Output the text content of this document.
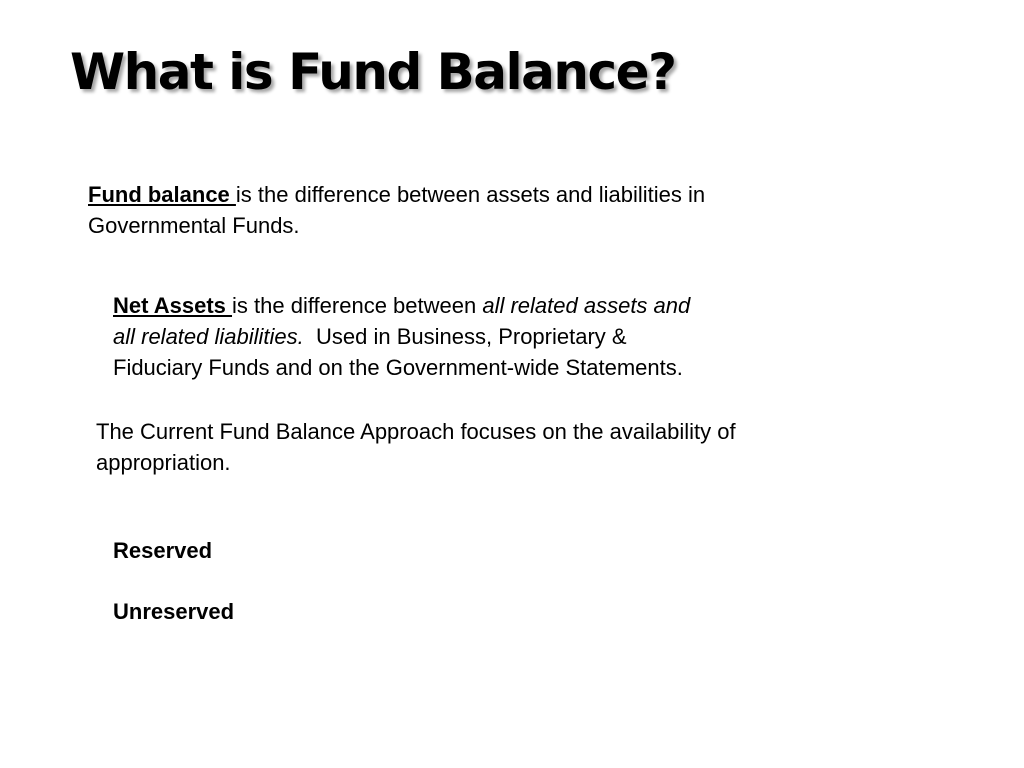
What is Fund Balance?
Fund balance is the difference between assets and liabilities in
Governmental Funds.
Net Assets is the difference between all related assets and
all related liabilities.  Used in Business, Proprietary &
Fiduciary Funds and on the Government-wide Statements.
The Current Fund Balance Approach focuses on the availability of
appropriation.
Reserved
Unreserved
